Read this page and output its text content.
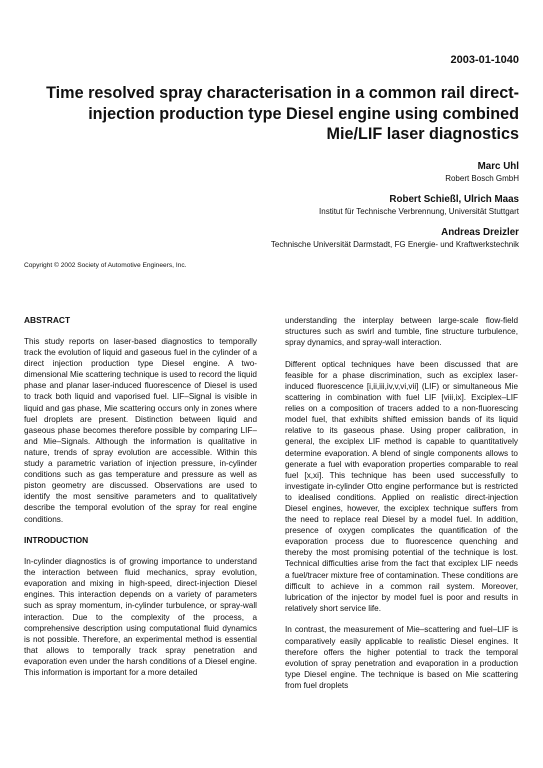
2003-01-1040
Time resolved spray characterisation in a common rail direct-
injection production type Diesel engine using combined
Mie/LIF laser diagnostics
Marc Uhl
Robert Bosch GmbH
Robert Schießl, Ulrich Maas
Institut für Technische Verbrennung, Universität Stuttgart
Andreas Dreizler
Technische Universität Darmstadt, FG Energie- und Kraftwerkstechnik
Copyright © 2002 Society of Automotive Engineers, Inc.
ABSTRACT

This study reports on laser-based diagnostics to temporally track the evolution of liquid and gaseous fuel in the cylinder of a direct injection production type Diesel engine. A two-dimensional Mie scattering technique is used to record the liquid phase and planar laser-induced fluorescence of Diesel is used to track both liquid and vaporised fuel. LIF–Signal is visible in liquid and gas phase, Mie scattering occurs only in zones where fuel droplets are present. Distinction between liquid and gaseous phase becomes therefore possible by comparing LIF– and Mie–Signals. Although the information is qualitative in nature, trends of spray evolution are accessible. Within this study a parametric variation of injection pressure, in-cylinder conditions such as gas temperature and pressure as well as piston geometry are discussed. Observations are used to identify the most sensitive parameters and to qualitatively describe the temporal evolution of the spray for real engine conditions.

INTRODUCTION

In-cylinder diagnostics is of growing importance to understand the interaction between fluid mechanics, spray evolution, evaporation and mixing in high-speed, direct-injection Diesel engines. This interaction depends on a variety of parameters such as spray momentum, in-cylinder turbulence, or spray-wall interaction. Due to the complexity of the process, a comprehensive description using computational fluid dynamics is not possible. Therefore, an experimental method is essential that allows to temporally track spray penetration and evaporation even under the harsh conditions of a Diesel engine. This information is important for a more detailed

understanding the interplay between large-scale flow-field structures such as swirl and tumble, fine structure turbulence, spray dynamics, and spray-wall interaction.

Different optical techniques have been discussed that are feasible for a phase discrimination, such as exciplex laser-induced fluorescence [i,ii,iii,iv,v,vi,vii] (LIF) or simultaneous Mie scattering in combination with fuel LIF [viii,ix]. Exciplex–LIF relies on a composition of tracers added to a non-fluorescing model fuel, that exhibits shifted emission bands of its liquid relative to its gaseous phase. Using proper calibration, in general, the exciplex LIF method is capable to quantitatively determine evaporation. A blend of single components allows to generate a fuel with evaporation properties comparable to real fuel [x,xi]. This technique has been used successfully to investigate in-cylinder Otto engine performance but is restricted to idealised conditions. Applied on realistic direct-injection Diesel engines, however, the exciplex technique suffers from the need to replace real Diesel by a model fuel. In addition, presence of oxygen complicates the quantification of the evaporation process due to fluorescence quenching and thereby the most promising potential of the technique is lost. Technical difficulties arise from the fact that exciplex LIF needs a fuel/tracer mixture free of contamination. These conditions are difficult to achieve in a common rail system. Moreover, lubrication of the injector by model fuel is poor and results in relatively short service life.

In contrast, the measurement of Mie–scattering and fuel–LIF is comparatively easily applicable to realistic Diesel engines. It therefore offers the higher potential to track the temporal evolution of spray penetration and evaporation in a production type Diesel engine. The technique is based on Mie scattering from fuel droplets
